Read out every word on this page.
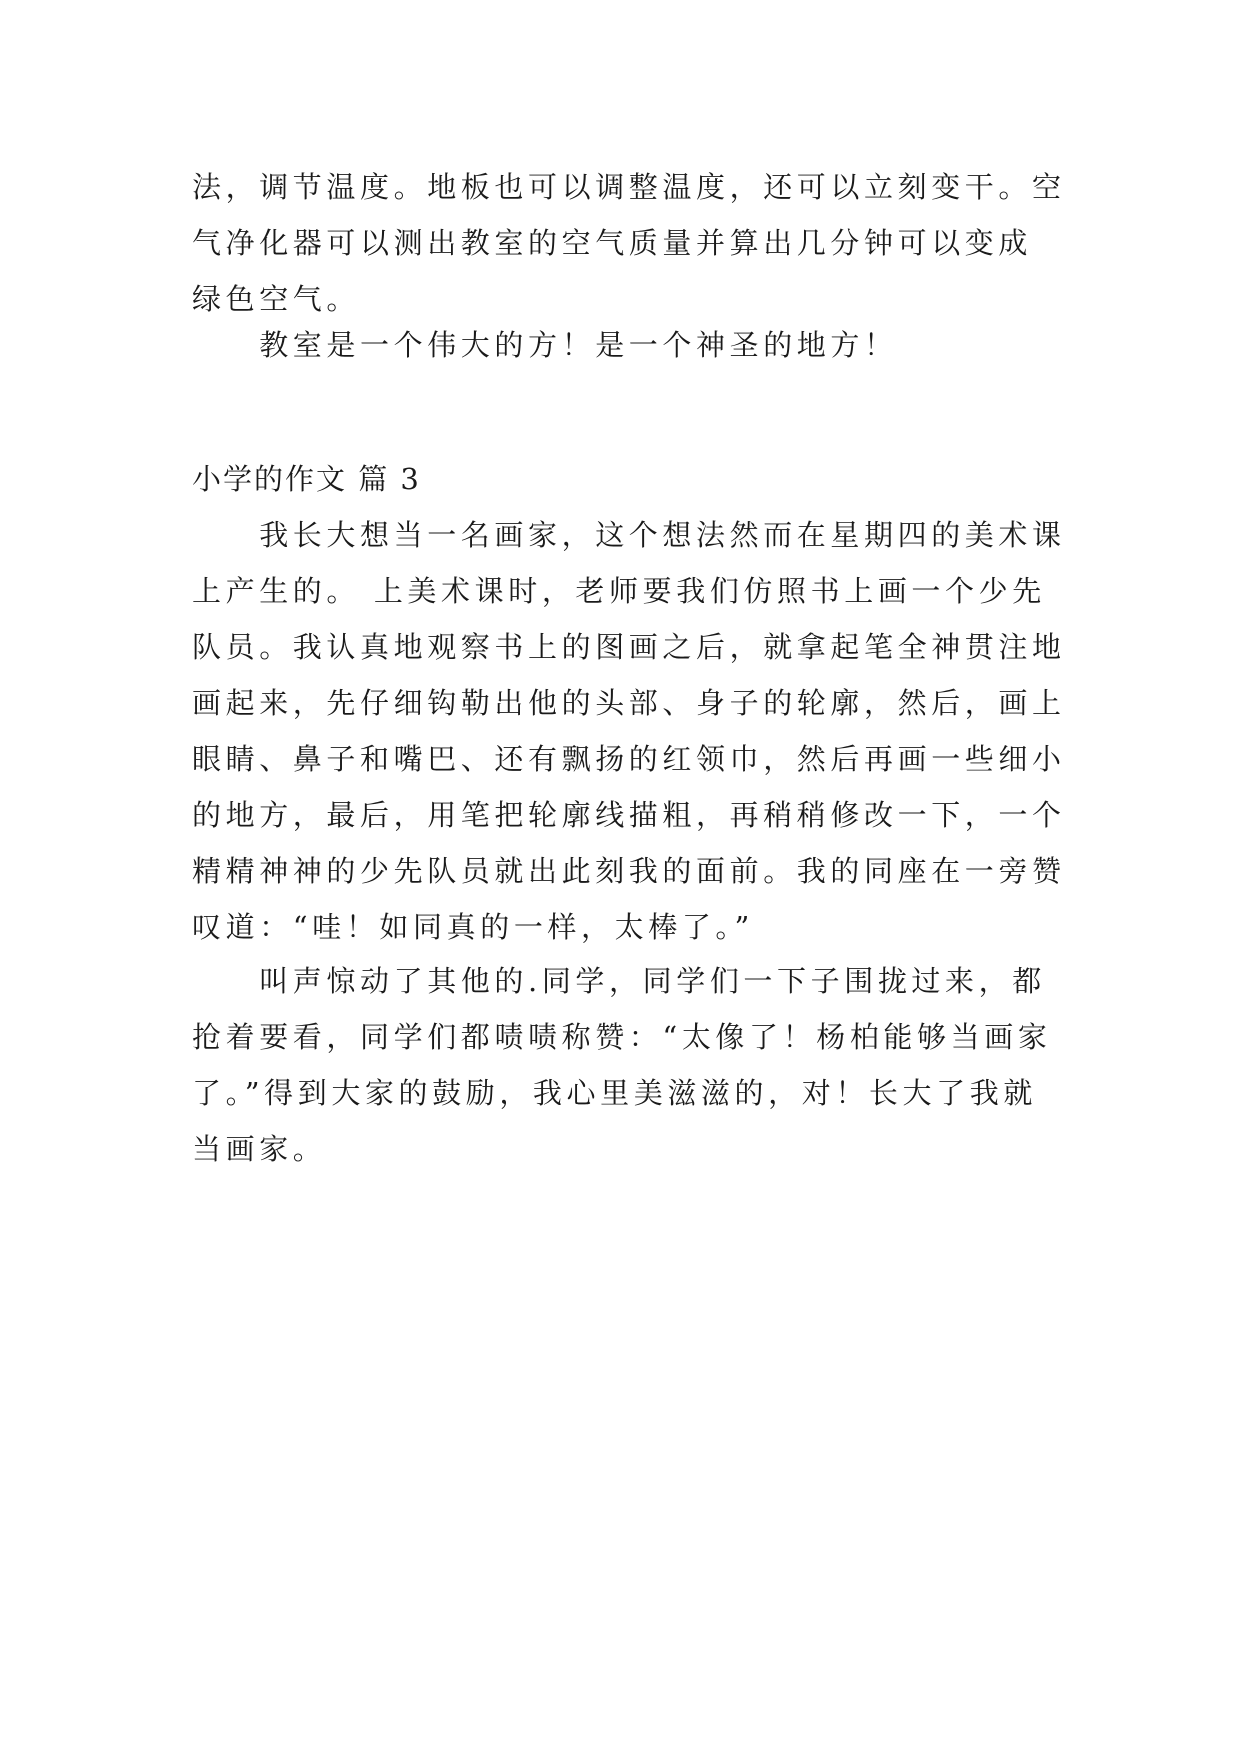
法，调节温度。地板也可以调整温度，还可以立刻变干。空
气净化器可以测出教室的空气质量并算出几分钟可以变成
绿色空气。
　　教室是一个伟大的方！是一个神圣的地方！
小学的作文 篇 3
　　我长大想当一名画家，这个想法然而在星期四的美术课
上产生的。 上美术课时，老师要我们仿照书上画一个少先
队员。我认真地观察书上的图画之后，就拿起笔全神贯注地
画起来，先仔细钩勒出他的头部、身子的轮廓，然后，画上
眼睛、鼻子和嘴巴、还有飘扬的红领巾，然后再画一些细小
的地方，最后，用笔把轮廓线描粗，再稍稍修改一下，一个
精精神神的少先队员就出此刻我的面前。我的同座在一旁赞
叹道：“哇！如同真的一样，太棒了。”
　　叫声惊动了其他的.同学，同学们一下子围拢过来，都
抢着要看，同学们都啧啧称赞：“太像了！杨柏能够当画家
了。”得到大家的鼓励，我心里美滋滋的，对！长大了我就
当画家。
